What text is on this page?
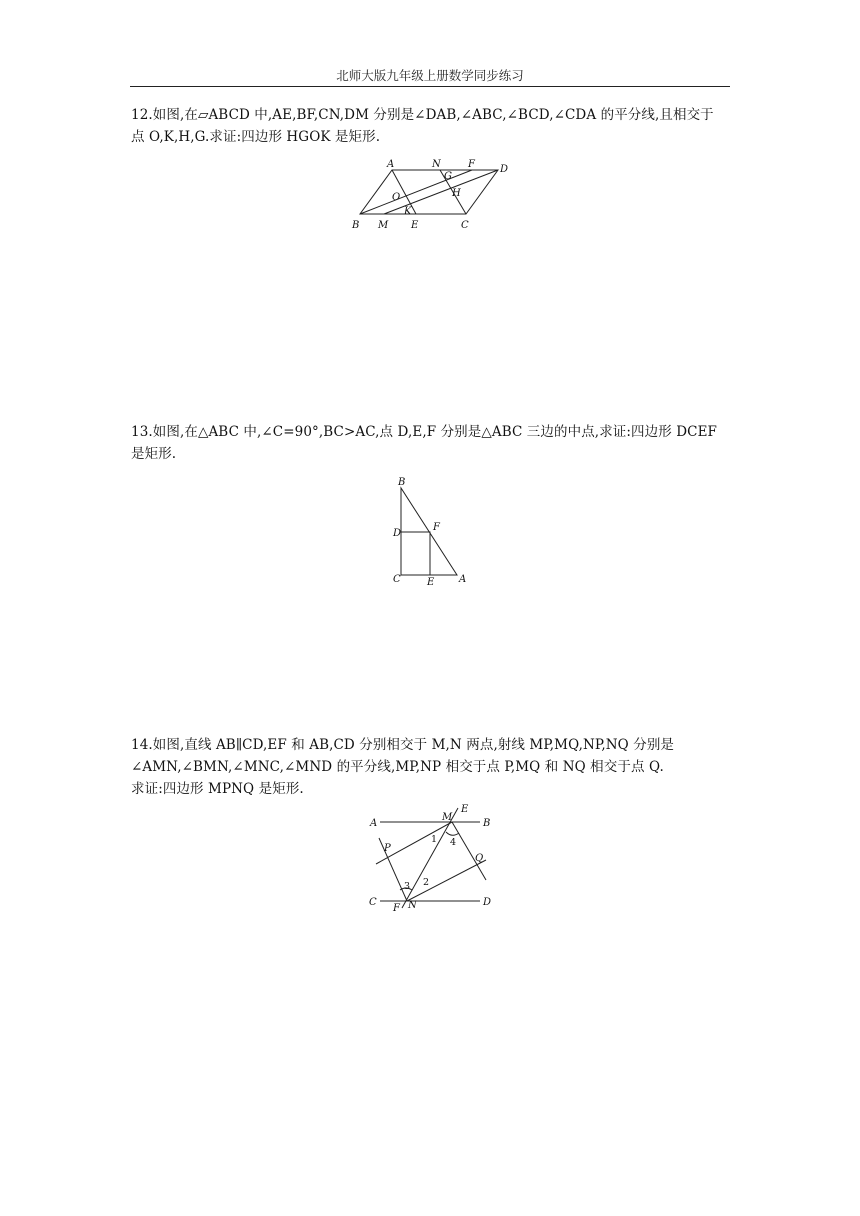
北师大版九年级上册数学同步练习

12.如图,在▱ABCD 中,AE,BF,CN,DM 分别是∠DAB,∠ABC,∠BCD,∠CDA 的平分线,且相交于

点 O,K,H,G.求证:四边形 HGOK 是矩形.

A	N	F	D
G
O	H
K
B M E	C

13.如图,在△ABC 中,∠C=90°,BC>AC,点 D,E,F 分别是△ABC 三边的中点,求证:四边形 DCEF

是矩形.

B
D
F
C	E A

14.如图,直线 AB∥CD,EF 和 AB,CD 分别相交于 M,N 两点,射线 MP,MQ,NP,NQ 分别是

∠AMN,∠BMN,∠MNC,∠MND 的平分线,MP,NP 相交于点 P,MQ 和 NQ 相交于点 Q.

求证:四边形 MPNQ 是矩形.

A
M
E
B
P
Q
C
F N	D
1 4
3 2
